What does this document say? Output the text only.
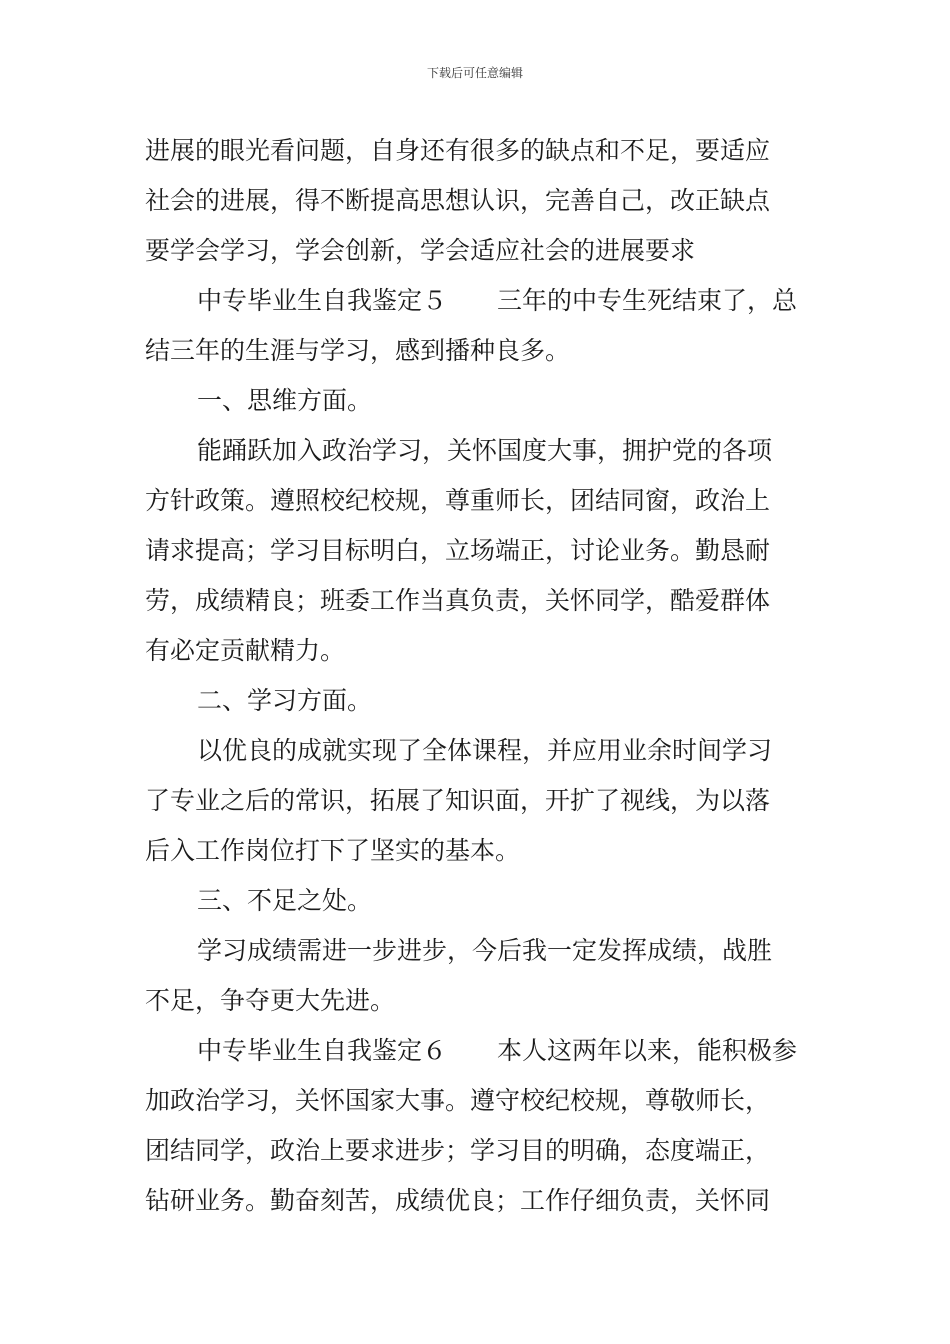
下载后可任意编辑
进展的眼光看问题，自身还有很多的缺点和不足，要适应
社会的进展，得不断提高思想认识，完善自己，改正缺点
要学会学习，学会创新，学会适应社会的进展要求
中专毕业生自我鉴定５　　三年的中专生死结束了，总
结三年的生涯与学习，感到播种良多。
一、思维方面。
能踊跃加入政治学习，关怀国度大事，拥护党的各项
方针政策。遵照校纪校规，尊重师长，团结同窗，政治上
请求提高；学习目标明白，立场端正，讨论业务。勤恳耐
劳，成绩精良；班委工作当真负责，关怀同学，酷爱群体
有必定贡献精力。
二、学习方面。
以优良的成就实现了全体课程，并应用业余时间学习
了专业之后的常识，拓展了知识面，开扩了视线，为以落
后入工作岗位打下了坚实的基本。
三、不足之处。
学习成绩需进一步进步，今后我一定发挥成绩，战胜
不足，争夺更大先进。
中专毕业生自我鉴定６　　本人这两年以来，能积极参
加政治学习，关怀国家大事。遵守校纪校规，尊敬师长，
团结同学，政治上要求进步；学习目的明确，态度端正，
钻研业务。勤奋刻苦，成绩优良；工作仔细负责，关怀同
